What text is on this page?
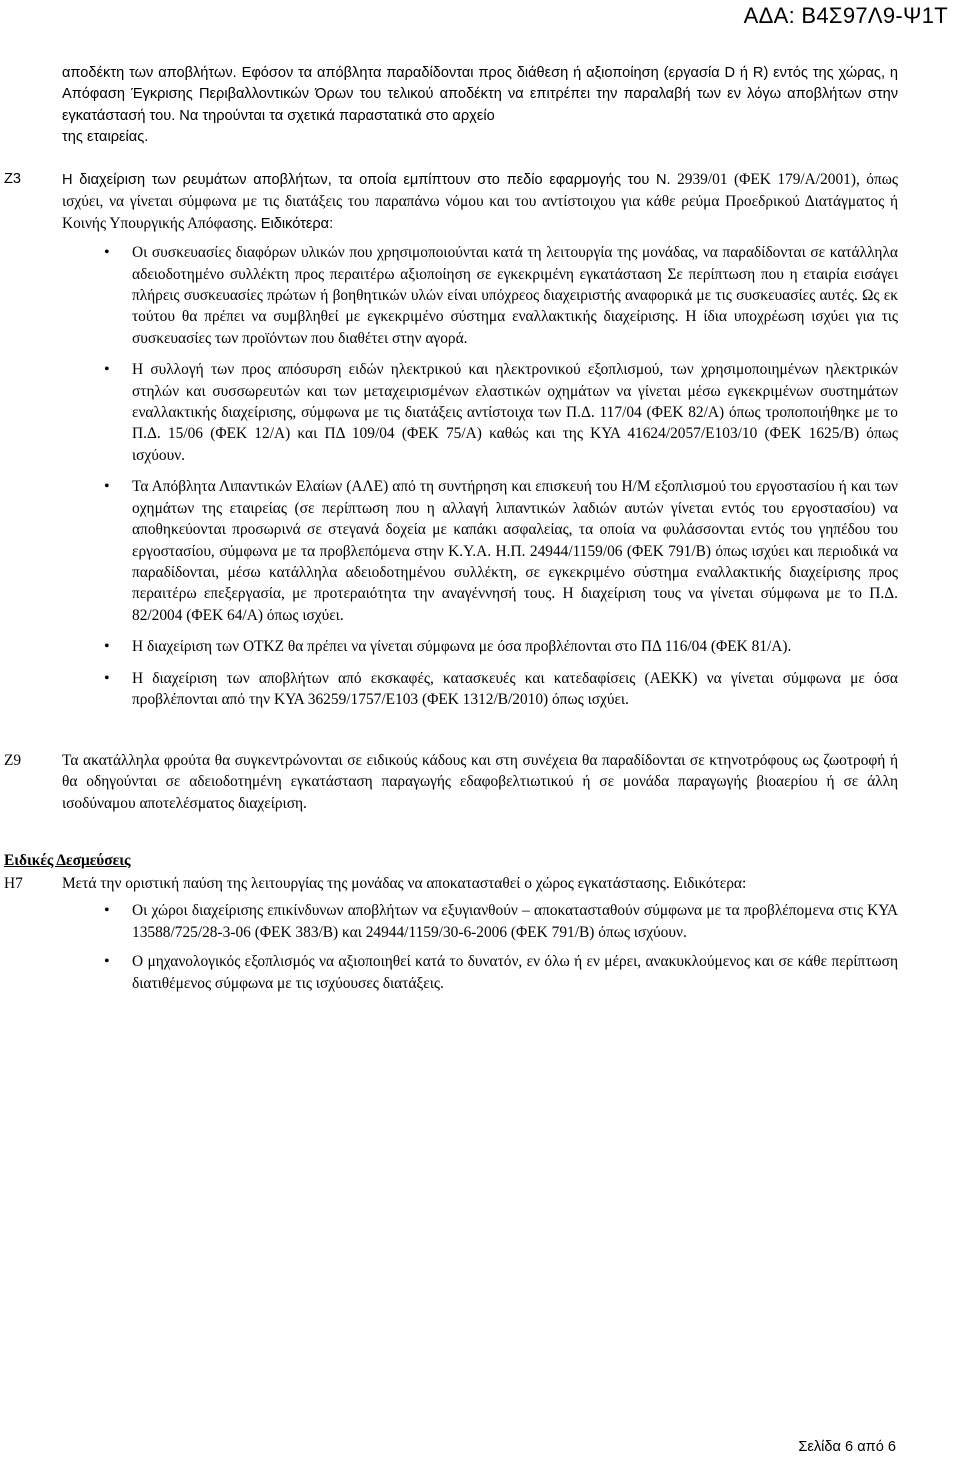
ΑΔΑ: Β4Σ97Λ9-Ψ1Τ
αποδέκτη των αποβλήτων. Εφόσον τα απόβλητα παραδίδονται προς διάθεση ή αξιοποίηση (εργασία D ή R) εντός της χώρας, η Απόφαση Έγκρισης Περιβαλλοντικών Όρων του τελικού αποδέκτη να επιτρέπει την παραλαβή των εν λόγω αποβλήτων στην εγκατάστασή του. Να τηρούνται τα σχετικά παραστατικά στο αρχείο
της εταιρείας.
Ζ3	Η διαχείριση των ρευμάτων αποβλήτων, τα οποία εμπίπτουν στο πεδίο εφαρμογής του Ν. 2939/01 (ΦΕΚ 179/Α/2001), όπως ισχύει, να γίνεται σύμφωνα με τις διατάξεις του παραπάνω νόμου και του αντίστοιχου για κάθε ρεύμα Προεδρικού Διατάγματος ή Κοινής Υπουργικής Απόφασης. Ειδικότερα:
• Οι συσκευασίες διαφόρων υλικών που χρησιμοποιούνται κατά τη λειτουργία της μονάδας, να παραδίδονται σε κατάλληλα αδειοδοτημένο συλλέκτη προς περαιτέρω αξιοποίηση σε εγκεκριμένη εγκατάσταση Σε περίπτωση που η εταιρία εισάγει πλήρεις συσκευασίες πρώτων ή βοηθητικών υλών είναι υπόχρεος διαχειριστής αναφορικά με τις συσκευασίες αυτές. Ως εκ τούτου θα πρέπει να συμβληθεί με εγκεκριμένο σύστημα εναλλακτικής διαχείρισης. Η ίδια υποχρέωση ισχύει για τις συσκευασίες των προϊόντων που διαθέτει στην αγορά.
• Η συλλογή των προς απόσυρση ειδών ηλεκτρικού και ηλεκτρονικού εξοπλισμού, των χρησιμοποιημένων ηλεκτρικών στηλών και συσσωρευτών και των μεταχειρισμένων ελαστικών οχημάτων να γίνεται μέσω εγκεκριμένων συστημάτων εναλλακτικής διαχείρισης, σύμφωνα με τις διατάξεις αντίστοιχα των Π.Δ. 117/04 (ΦΕΚ 82/Α) όπως τροποποιήθηκε με το Π.Δ. 15/06 (ΦΕΚ 12/Α) και ΠΔ 109/04 (ΦΕΚ 75/Α) καθώς και της ΚΥΑ 41624/2057/Ε103/10 (ΦΕΚ 1625/Β) όπως ισχύουν.
• Τα Απόβλητα Λιπαντικών Ελαίων (ΑΛΕ) από τη συντήρηση και επισκευή του Η/Μ εξοπλισμού του εργοστασίου ή και των οχημάτων της εταιρείας (σε περίπτωση που η αλλαγή λιπαντικών λαδιών αυτών γίνεται εντός του εργοστασίου) να αποθηκεύονται προσωρινά σε στεγανά δοχεία με καπάκι ασφαλείας, τα οποία να φυλάσσονται εντός του γηπέδου του εργοστασίου, σύμφωνα με τα προβλεπόμενα στην Κ.Υ.Α. Η.Π. 24944/1159/06 (ΦΕΚ 791/Β) όπως ισχύει και περιοδικά να παραδίδονται, μέσω κατάλληλα αδειοδοτημένου συλλέκτη, σε εγκεκριμένο σύστημα εναλλακτικής διαχείρισης προς περαιτέρω επεξεργασία, με προτεραιότητα την αναγέννησή τους. Η διαχείριση τους να γίνεται σύμφωνα με το Π.Δ. 82/2004 (ΦΕΚ 64/Α) όπως ισχύει.
• Η διαχείριση των ΟΤΚΖ θα πρέπει να γίνεται σύμφωνα με όσα προβλέπονται στο ΠΔ 116/04 (ΦΕΚ 81/Α).
• Η διαχείριση των αποβλήτων από εκσκαφές, κατασκευές και κατεδαφίσεις (ΑΕΚΚ) να γίνεται σύμφωνα με όσα προβλέπονται από την ΚΥΑ 36259/1757/Ε103 (ΦΕΚ 1312/Β/2010) όπως ισχύει.
Ζ9	Τα ακατάλληλα φρούτα θα συγκεντρώνονται σε ειδικούς κάδους και στη συνέχεια θα παραδίδονται σε κτηνοτρόφους ως ζωοτροφή ή θα οδηγούνται σε αδειοδοτημένη εγκατάσταση παραγωγής εδαφοβελτιωτικού ή σε μονάδα παραγωγής βιοαερίου ή σε άλλη ισοδύναμου αποτελέσματος διαχείριση.
Ειδικές Δεσμεύσεις
Η7	Μετά την οριστική παύση της λειτουργίας της μονάδας να αποκατασταθεί ο χώρος εγκατάστασης. Ειδικότερα:
• Οι χώροι διαχείρισης επικίνδυνων αποβλήτων να εξυγιανθούν – αποκατασταθούν σύμφωνα με τα προβλέπομενα στις ΚΥΑ 13588/725/28-3-06 (ΦΕΚ 383/Β) και 24944/1159/30-6-2006 (ΦΕΚ 791/Β) όπως ισχύουν.
• Ο μηχανολογικός εξοπλισμός να αξιοποιηθεί κατά το δυνατόν, εν όλω ή εν μέρει, ανακυκλούμενος και σε κάθε περίπτωση διατιθέμενος σύμφωνα με τις ισχύουσες διατάξεις.
Σελίδα 6 από 6
